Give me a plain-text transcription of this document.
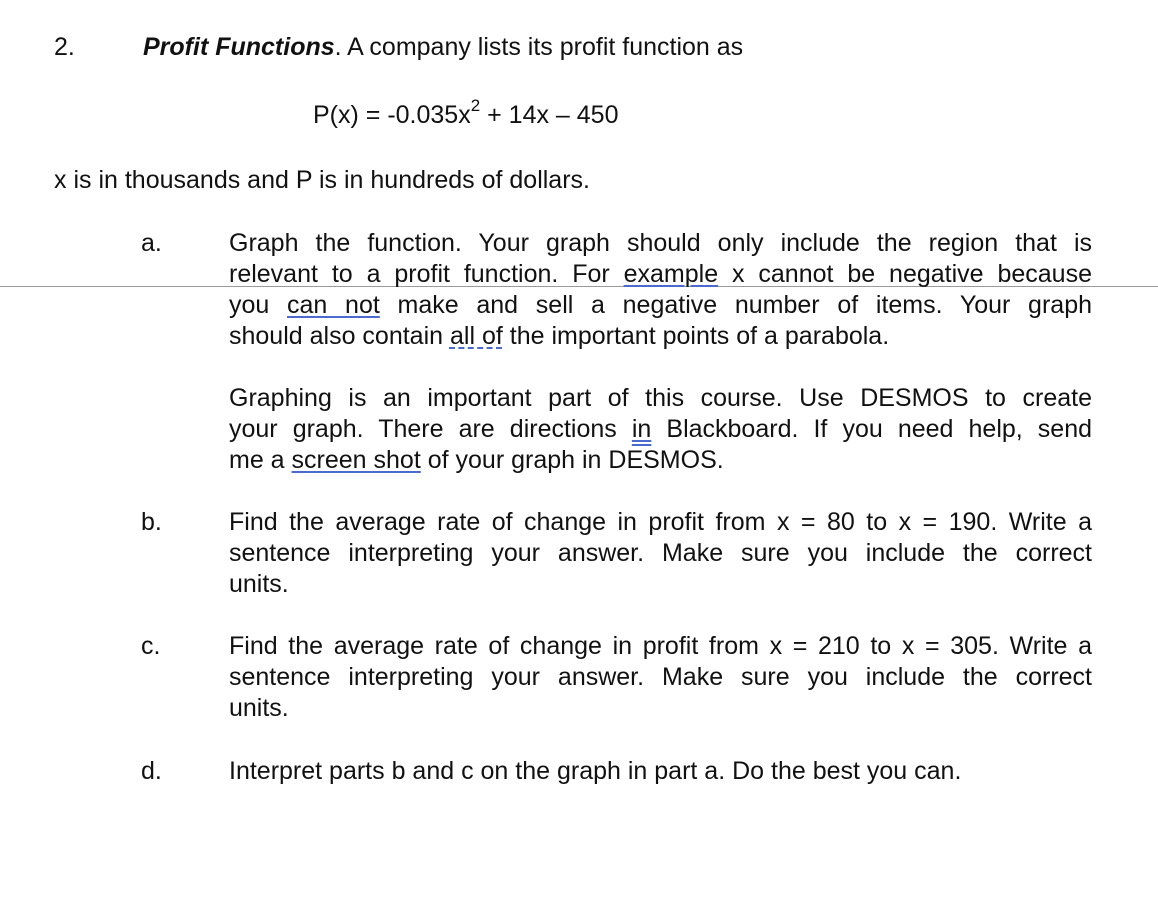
2.	Profit Functions. A company lists its profit function as
$P(x) = -0.035x^2 + 14x - 450$
x is in thousands and P is in hundreds of dollars.
a.	Graph the function. Your graph should only include the region that is
relevant to a profit function. For example x cannot be negative because
you can not make and sell a negative number of items. Your graph
should also contain all of the important points of a parabola.
Graphing is an important part of this course. Use DESMOS to create
your graph. There are directions in Blackboard. If you need help, send
me a screen shot of your graph in DESMOS.
b.	Find the average rate of change in profit from x = 80 to x = 190. Write a
sentence interpreting your answer. Make sure you include the correct
units.
c.	Find the average rate of change in profit from x = 210 to x = 305. Write a
sentence interpreting your answer. Make sure you include the correct
units.
d.	Interpret parts b and c on the graph in part a. Do the best you can.
